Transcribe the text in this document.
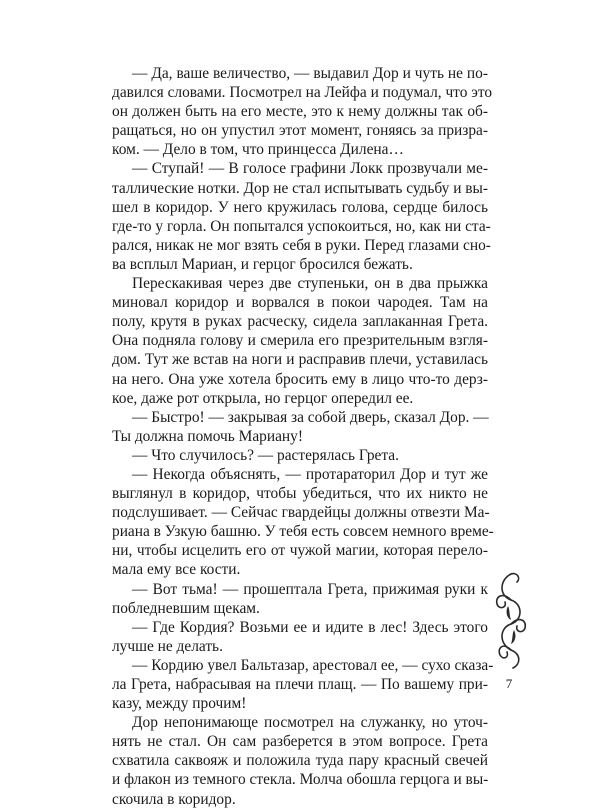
— Да, ваше величество, — выдавил Дор и чуть не по-
давился словами. Посмотрел на Лейфа и подумал, что это
он должен быть на его месте, это к нему должны так об-
ращаться, но он упустил этот момент, гоняясь за призра-
ком. — Дело в том, что принцесса Дилена…
— Ступай! — В голосе графини Локк прозвучали ме-
таллические нотки. Дор не стал испытывать судьбу и вы-
шел в коридор. У него кружилась голова, сердце билось
где-то у горла. Он попытался успокоиться, но, как ни ста-
рался, никак не мог взять себя в руки. Перед глазами сно-
ва всплыл Мариан, и герцог бросился бежать.
Перескакивая через две ступеньки, он в два прыжка
миновал коридор и ворвался в покои чародея. Там на
полу, крутя в руках расческу, сидела заплаканная Грета.
Она подняла голову и смерила его презрительным взгля-
дом. Тут же встав на ноги и расправив плечи, уставилась
на него. Она уже хотела бросить ему в лицо что-то дерз-
кое, даже рот открыла, но герцог опередил ее.
— Быстро! — закрывая за собой дверь, сказал Дор. —
Ты должна помочь Мариану!
— Что случилось? — растерялась Грета.
— Некогда объяснять, — протараторил Дор и тут же
выглянул в коридор, чтобы убедиться, что их никто не
подслушивает. — Сейчас гвардейцы должны отвезти Ма-
риана в Узкую башню. У тебя есть совсем немного време-
ни, чтобы исцелить его от чужой магии, которая перело-
мала ему все кости.
— Вот тьма! — прошептала Грета, прижимая руки к
побледневшим щекам.
— Где Кордия? Возьми ее и идите в лес! Здесь этого
лучше не делать.
— Кордию увел Бальтазар, арестовал ее, — сухо сказа-
ла Грета, набрасывая на плечи плащ. — По вашему при-
казу, между прочим!
Дор непонимающе посмотрел на служанку, но уточ-
нять не стал. Он сам разберется в этом вопросе. Грета
схватила саквояж и положила туда пару красный свечей
и флакон из темного стекла. Молча обошла герцога и вы-
скочила в коридор.
7
